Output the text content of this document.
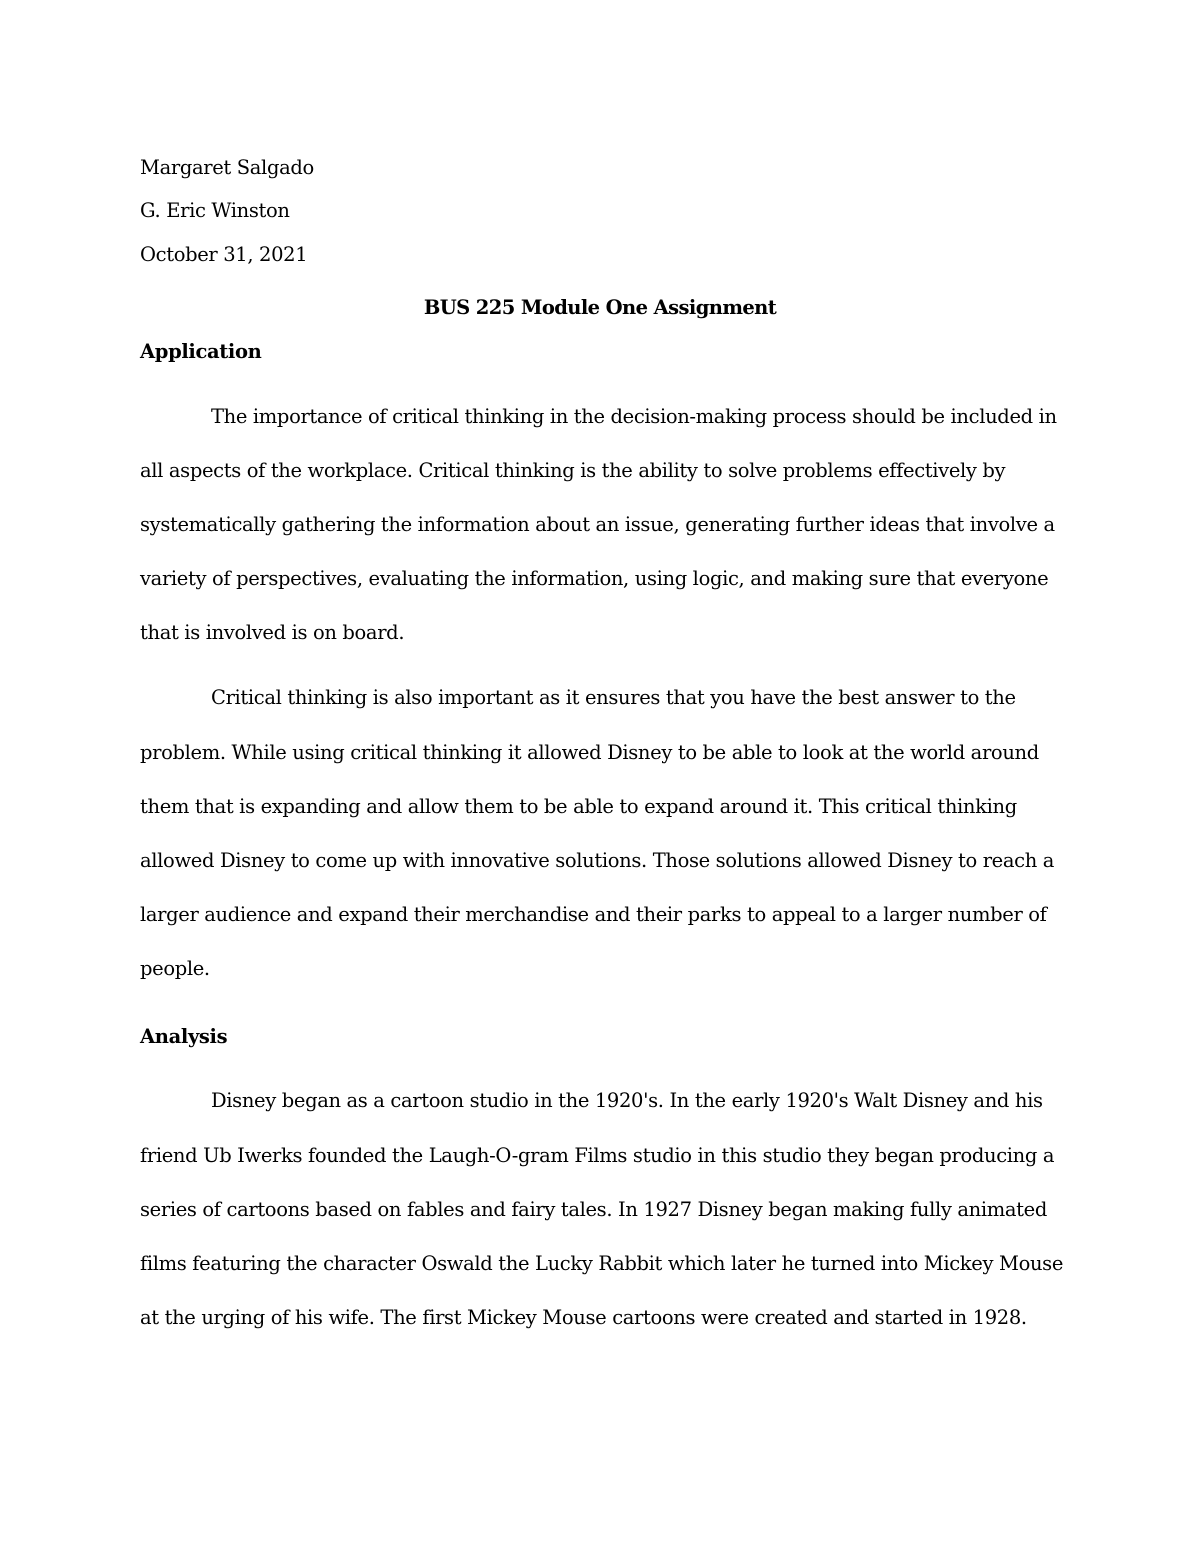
Margaret Salgado
G. Eric Winston
October 31, 2021
BUS 225 Module One Assignment
Application
The importance of critical thinking in the decision-making process should be included in
all aspects of the workplace. Critical thinking is the ability to solve problems effectively by
systematically gathering the information about an issue, generating further ideas that involve a
variety of perspectives, evaluating the information, using logic, and making sure that everyone
that is involved is on board.
Critical thinking is also important as it ensures that you have the best answer to the
problem. While using critical thinking it allowed Disney to be able to look at the world around
them that is expanding and allow them to be able to expand around it. This critical thinking
allowed Disney to come up with innovative solutions. Those solutions allowed Disney to reach a
larger audience and expand their merchandise and their parks to appeal to a larger number of
people.
Analysis
Disney began as a cartoon studio in the 1920's. In the early 1920's Walt Disney and his
friend Ub Iwerks founded the Laugh-O-gram Films studio in this studio they began producing a
series of cartoons based on fables and fairy tales. In 1927 Disney began making fully animated
films featuring the character Oswald the Lucky Rabbit which later he turned into Mickey Mouse
at the urging of his wife. The first Mickey Mouse cartoons were created and started in 1928.
